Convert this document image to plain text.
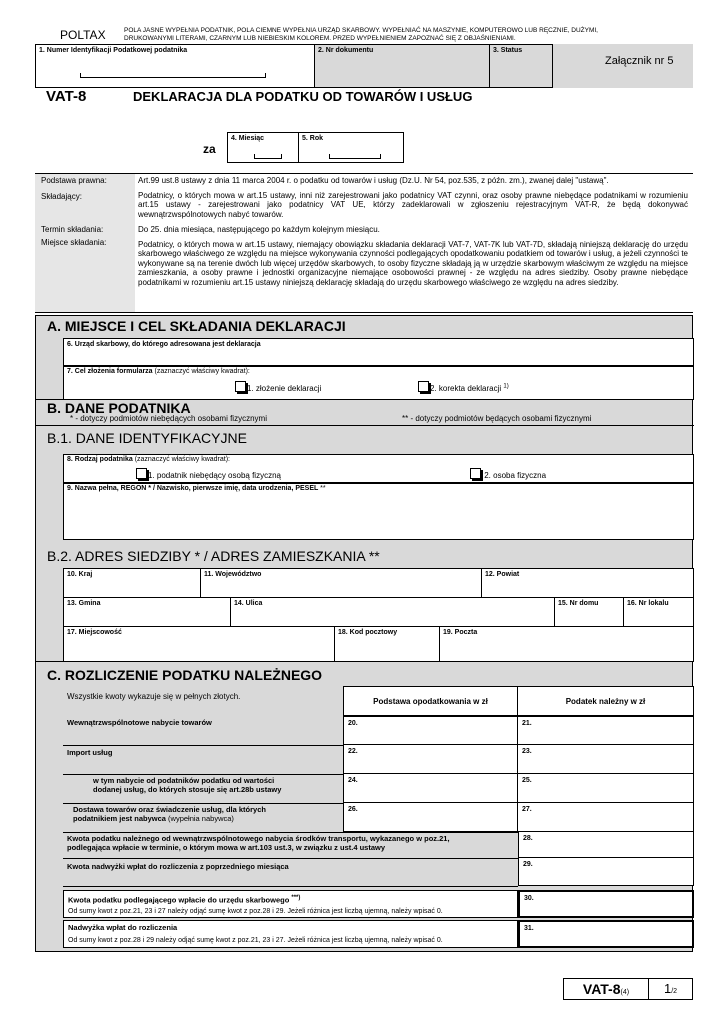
POLTAX	POLA JASNE WYPEŁNIA PODATNIK, POLA CIEMNE WYPEŁNIA URZĄD SKARBOWY. WYPEŁNIAĆ NA MASZYNIE, KOMPUTEROWO LUB RĘCZNIE, DUŻYMI,
DRUKOWANYMI LITERAMI, CZARNYM LUB NIEBIESKIM KOLOREM. PRZED WYPEŁNIENIEM ZAPOZNAĆ SIĘ Z OBJAŚNIENIAMI.
1. Numer Identyfikacji Podatkowej podatnika	2. Nr dokumentu	3. Status
Załącznik nr 5
VAT-8	DEKLARACJA DLA PODATKU OD TOWARÓW I USŁUG
za
4. Miesiąc	5. Rok
Podstawa prawna:	Art.99 ust.8 ustawy z dnia 11 marca 2004 r. o podatku od towarów i usług (Dz.U. Nr 54, poz.535, z późn. zm.), zwanej dalej "ustawą".
Składający:	Podatnicy, o których mowa w art.15 ustawy, inni niż zarejestrowani jako podatnicy VAT czynni, oraz osoby prawne niebędące podatnikami w rozumieniu art.15 ustawy - zarejestrowani jako podatnicy VAT UE, którzy zadeklarowali w zgłoszeniu rejestracyjnym VAT-R, że będą dokonywać wewnątrzwspólnotowych nabyć towarów.
Termin składania:	Do 25. dnia miesiąca, następującego po każdym kolejnym miesiącu.
Miejsce składania:	Podatnicy, o których mowa w art.15 ustawy, niemający obowiązku składania deklaracji VAT-7, VAT-7K lub VAT-7D, składają niniejszą deklarację do urzędu skarbowego właściwego ze względu na miejsce wykonywania czynności podlegających opodatkowaniu podatkiem od towarów i usług, a jeżeli czynności te wykonywane są na terenie dwóch lub więcej urzędów skarbowych, to osoby fizyczne składają ją w urzędzie skarbowym właściwym ze względu na miejsce zamieszkania, a osoby prawne i jednostki organizacyjne niemające osobowości prawnej - ze względu na adres siedziby. Osoby prawne niebędące podatnikami w rozumieniu art.15 ustawy niniejszą deklarację składają do urzędu skarbowego właściwego ze względu na adres siedziby.
A. MIEJSCE I CEL SKŁADANIA DEKLARACJI
6. Urząd skarbowy, do którego adresowana jest deklaracja
7. Cel złożenia formularza (zaznaczyć właściwy kwadrat):
1. złożenie deklaracji	2. korekta deklaracji $^{1)}$
B. DANE PODATNIKA
* - dotyczy podmiotów niebędących osobami fizycznymi	** - dotyczy podmiotów będących osobami fizycznymi
B.1. DANE IDENTYFIKACYJNE
8. Rodzaj podatnika (zaznaczyć właściwy kwadrat):
1. podatnik niebędący osobą fizyczną	2. osoba fizyczna
9. Nazwa pełna, REGON * / Nazwisko, pierwsze imię, data urodzenia, PESEL **
B.2. ADRES SIEDZIBY * / ADRES ZAMIESZKANIA **
10. Kraj	11. Województwo	12. Powiat
13. Gmina	14. Ulica	15. Nr domu	16. Nr lokalu
17. Miejscowość	18. Kod pocztowy	19. Poczta
C. ROZLICZENIE PODATKU NALEŻNEGO
Wszystkie kwoty wykazuje się w pełnych złotych.
Podstawa opodatkowania w zł	Podatek należny w zł
Wewnątrzwspólnotowe nabycie towarów	20.	21.
Import usług	22.	23.
w tym nabycie od podatników podatku od wartości
dodanej usług, do których stosuje się art.28b ustawy
24.	25.
Dostawa towarów oraz świadczenie usług, dla których
podatnikiem jest nabywca (wypełnia nabywca)
26.	27.
Kwota podatku należnego od wewnątrzwspólnotowego nabycia środków transportu, wykazanego w poz.21,
podlegająca wpłacie w terminie, o którym mowa w art.103 ust.3, w związku z ust.4 ustawy
28.
Kwota nadwyżki wpłat do rozliczenia z poprzedniego miesiąca	29.
Kwota podatku podlegającego wpłacie do urzędu skarbowego ***)
Od sumy kwot z poz.21, 23 i 27 należy odjąć sumę kwot z poz.28 i 29. Jeżeli różnica jest liczbą ujemną, należy wpisać 0.
30.
Nadwyżka wpłat do rozliczenia
Od sumy kwot z poz.28 i 29 należy odjąć sumę kwot z poz.21, 23 i 27. Jeżeli różnica jest liczbą ujemną, należy wpisać 0.
31.
VAT-8(4)	1/2
